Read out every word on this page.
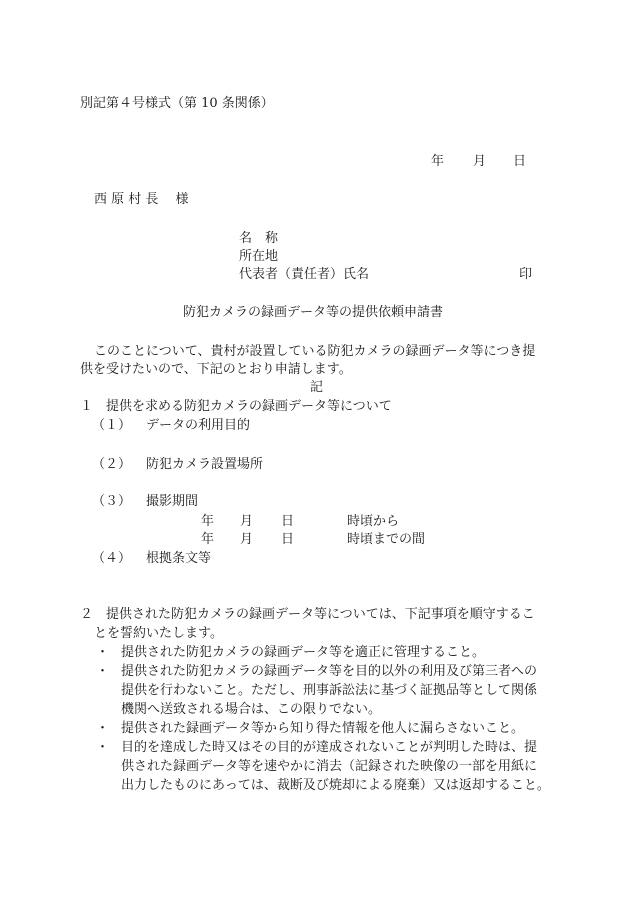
別記第４号様式（第 10 条関係）
年 月 日
西 原 村 長　 様
名　称
所在地
代表者（責任者）氏名	印
防犯カメラの録画データ等の提供依頼申請書
このことについて、貴村が設置している防犯カメラの録画データ等につき提
供を受けたいので、下記のとおり申請します。
記
１　提供を求める防犯カメラの録画データ等について
（１） データの利用目的
（２） 防犯カメラ設置場所
（３） 撮影期間
年 月 日	時頃から
年 月 日	時頃までの間
（４） 根拠条文等
２　提供された防犯カメラの録画データ等については、下記事項を順守するこ
とを誓約いたします。
・ 提供された防犯カメラの録画データ等を適正に管理すること。
・ 提供された防犯カメラの録画データ等を目的以外の利用及び第三者への
提供を行わないこと。ただし、刑事訴訟法に基づく証拠品等として関係
機関へ送致される場合は、この限りでない。
・ 提供された録画データ等から知り得た情報を他人に漏らさないこと。
・ 目的を達成した時又はその目的が達成されないことが判明した時は、提
供された録画データ等を速やかに消去（記録された映像の一部を用紙に
出力したものにあっては、裁断及び焼却による廃棄）又は返却すること。
